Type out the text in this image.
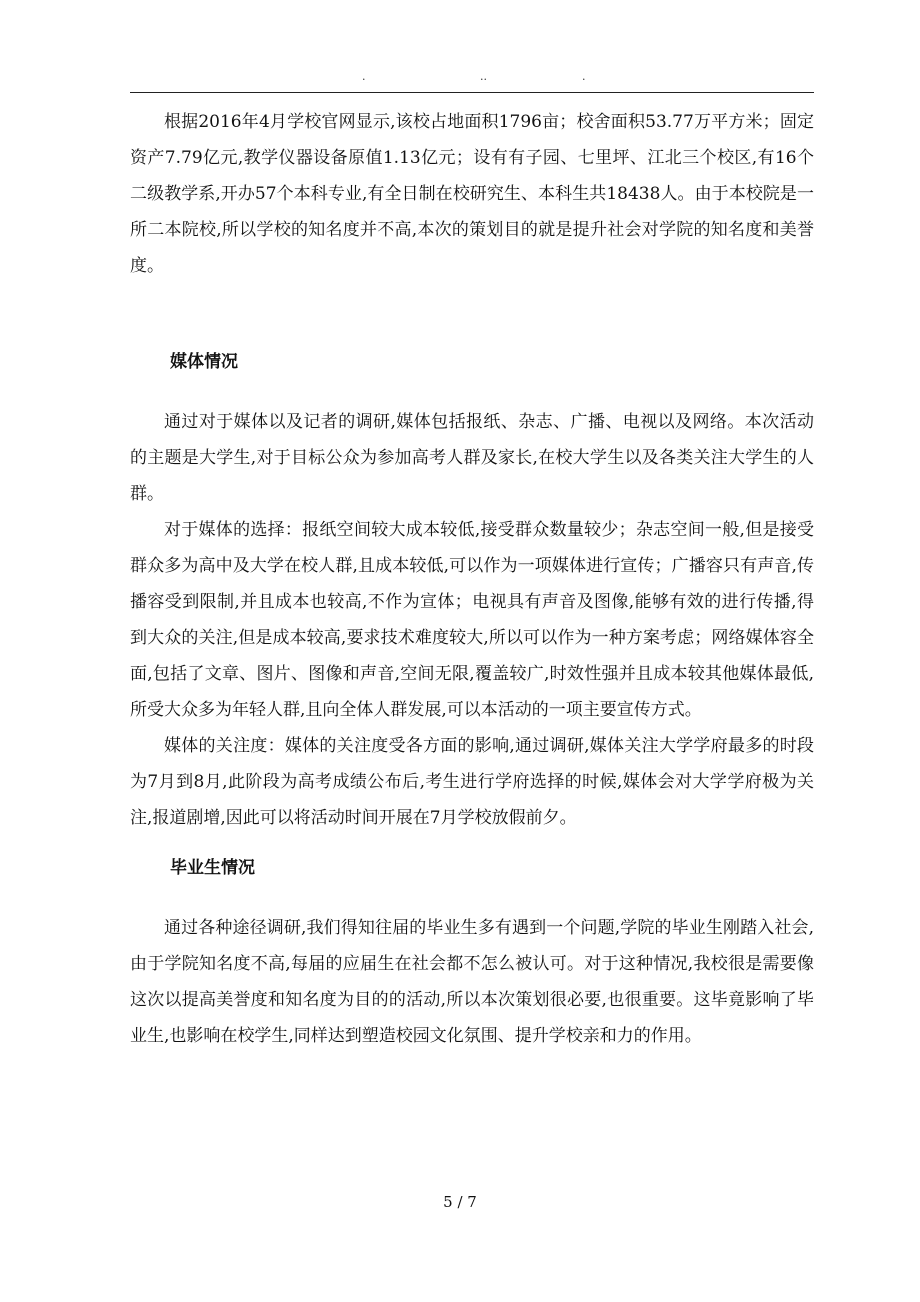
.	..	.

根据2016年4月学校官网显示,该校占地面积1796亩；校舍面积53.77万平方米；固定资产7.79亿元,教学仪器设备原值1.13亿元；设有有子园、七里坪、江北三个校区,有16个二级教学系,开办57个本科专业,有全日制在校研究生、本科生共18438人。由于本校院是一所二本院校,所以学校的知名度并不高,本次的策划目的就是提升社会对学院的知名度和美誉度。

媒体情况

通过对于媒体以及记者的调研,媒体包括报纸、杂志、广播、电视以及网络。本次活动的主题是大学生,对于目标公众为参加高考人群及家长,在校大学生以及各类关注大学生的人群。

对于媒体的选择：报纸空间较大成本较低,接受群众数量较少；杂志空间一般,但是接受群众多为高中及大学在校人群,且成本较低,可以作为一项媒体进行宣传；广播容只有声音,传播容受到限制,并且成本也较高,不作为宣体；电视具有声音及图像,能够有效的进行传播,得到大众的关注,但是成本较高,要求技术难度较大,所以可以作为一种方案考虑；网络媒体容全面,包括了文章、图片、图像和声音,空间无限,覆盖较广,时效性强并且成本较其他媒体最低,所受大众多为年轻人群,且向全体人群发展,可以本活动的一项主要宣传方式。

媒体的关注度：媒体的关注度受各方面的影响,通过调研,媒体关注大学学府最多的时段为7月到8月,此阶段为高考成绩公布后,考生进行学府选择的时候,媒体会对大学学府极为关注,报道剧增,因此可以将活动时间开展在7月学校放假前夕。

毕业生情况

通过各种途径调研,我们得知往届的毕业生多有遇到一个问题,学院的毕业生刚踏入社会,由于学院知名度不高,每届的应届生在社会都不怎么被认可。对于这种情况,我校很是需要像这次以提高美誉度和知名度为目的的活动,所以本次策划很必要,也很重要。这毕竟影响了毕业生,也影响在校学生,同样达到塑造校园文化氛围、提升学校亲和力的作用。

5 / 7
